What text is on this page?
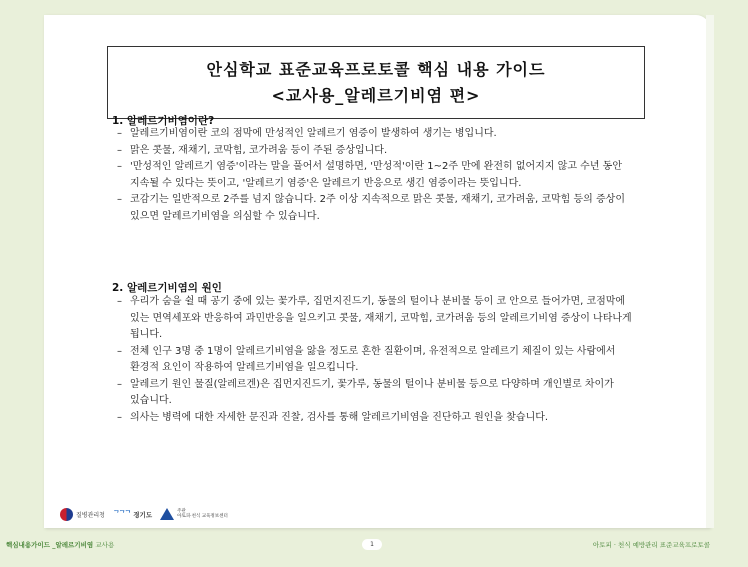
안심학교 표준교육프로토콜 핵심 내용 가이드
<교사용_알레르기비염 편>
1. 알레르기비염이란?
– 알레르기비염이란 코의 점막에 만성적인 알레르기 염증이 발생하여 생기는 병입니다.
– 맑은 콧물, 재채기, 코막힘, 코가려움 등이 주된 증상입니다.
– '만성적인 알레르기 염증'이라는 말을 풀어서 설명하면, '만성적'이란 1~2주 만에 완전히 없어지지 않고 수년 동안 지속될 수 있다는 뜻이고, '알레르기 염증'은 알레르기 반응으로 생긴 염증이라는 뜻입니다.
– 코감기는 일반적으로 2주를 넘지 않습니다. 2주 이상 지속적으로 맑은 콧물, 재채기, 코가려움, 코막힘 등의 증상이 있으면 알레르기비염을 의심할 수 있습니다.
2. 알레르기비염의 원인
– 우리가 숨을 쉴 때 공기 중에 있는 꽃가루, 집먼지진드기, 동물의 털이나 분비물 등이 코 안으로 들어가면, 코점막에 있는 면역세포와 반응하여 과민반응을 일으키고 콧물, 재채기, 코막힘, 코가려움 등의 알레르기비염 증상이 나타나게 됩니다.
– 전체 인구 3명 중 1명이 알레르기비염을 앓을 정도로 흔한 질환이며, 유전적으로 알레르기 체질이 있는 사람에서 환경적 요인이 작용하여 알레르기비염을 일으킵니다.
– 알레르기 원인 물질(알레르겐)은 집먼지진드기, 꽃가루, 동물의 털이나 분비물 등으로 다양하며 개인별로 차이가 있습니다.
– 의사는 병력에 대한 자세한 문진과 진찰, 검사를 통해 알레르기비염을 진단하고 원인을 찾습니다.
질병관리청 ᄀᄀᄀ 경기도	주관
아토피·천식 교육정보센터
핵심내용가이드 _알레르기비염 교사용	1	아토피 · 천식 예방관리 표준교육프로토콜
